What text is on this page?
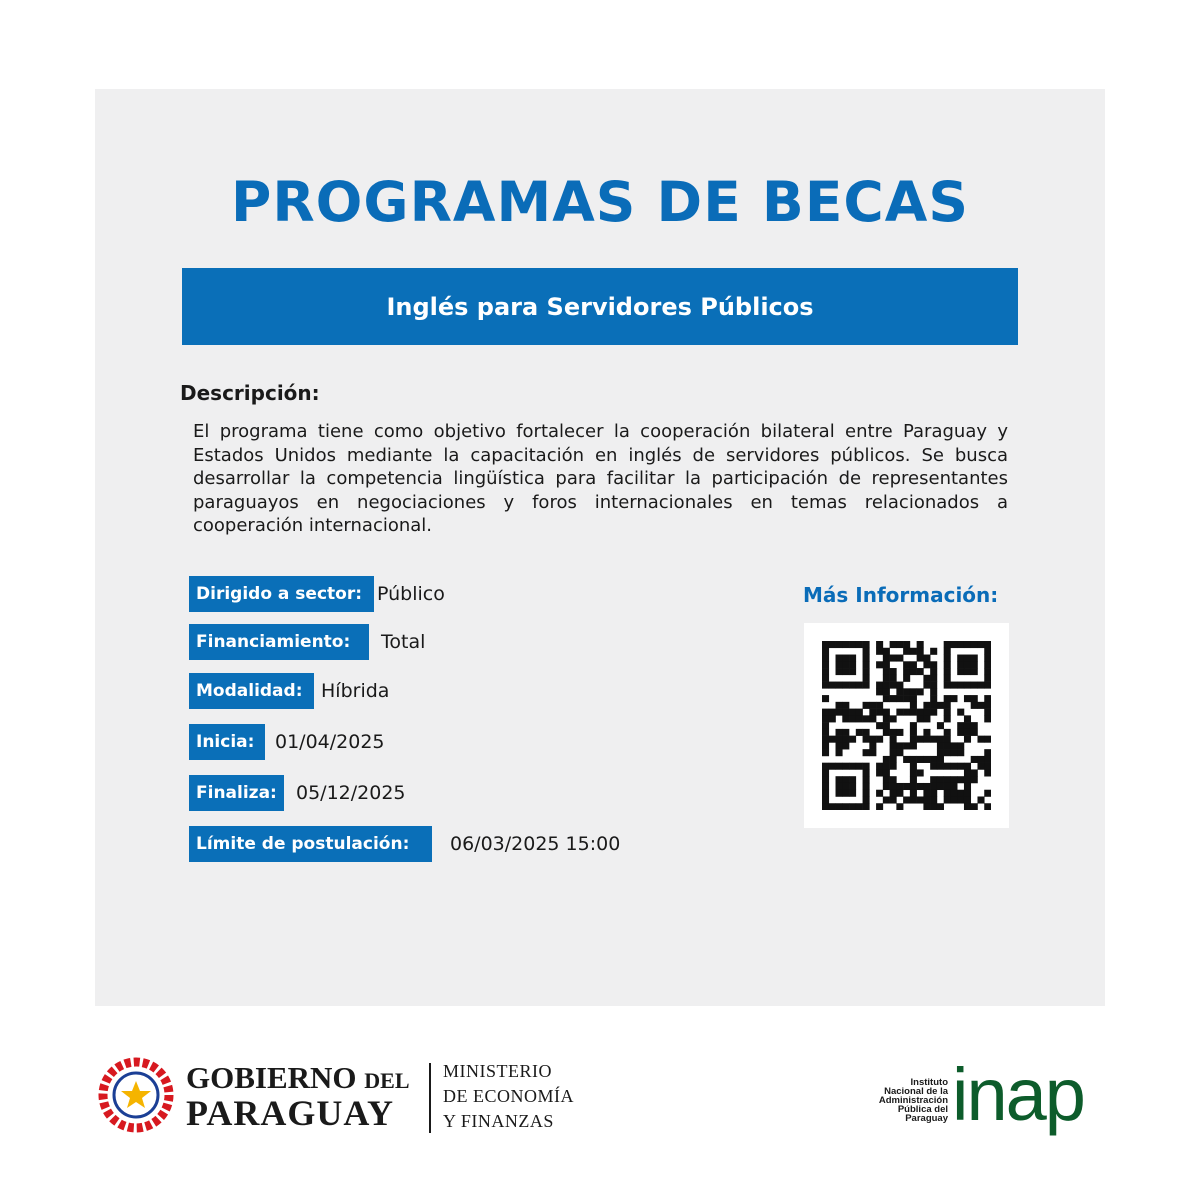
PROGRAMAS DE BECAS
Inglés para Servidores Públicos
Descripción:

El programa tiene como objetivo fortalecer la cooperación bilateral entre Paraguay y Estados Unidos mediante la capacitación en inglés de servidores públicos. Se busca desarrollar la competencia lingüística para facilitar la participación de representantes paraguayos en negociaciones y foros internacionales en temas relacionados a cooperación internacional.

Dirigido a sector: Público
Financiamiento:	Total
Modalidad: Híbrida
Inicia:	01/04/2025
Finaliza:	05/12/2025
Límite de postulación:	06/03/2025 15:00
Más Información:
GOBIERNO DEL
PARAGUAY
MINISTERIO
DE ECONOMÍA
Y FINANZAS
Instituto
Nacional de la
Administración
Pública del
Paraguay inap
